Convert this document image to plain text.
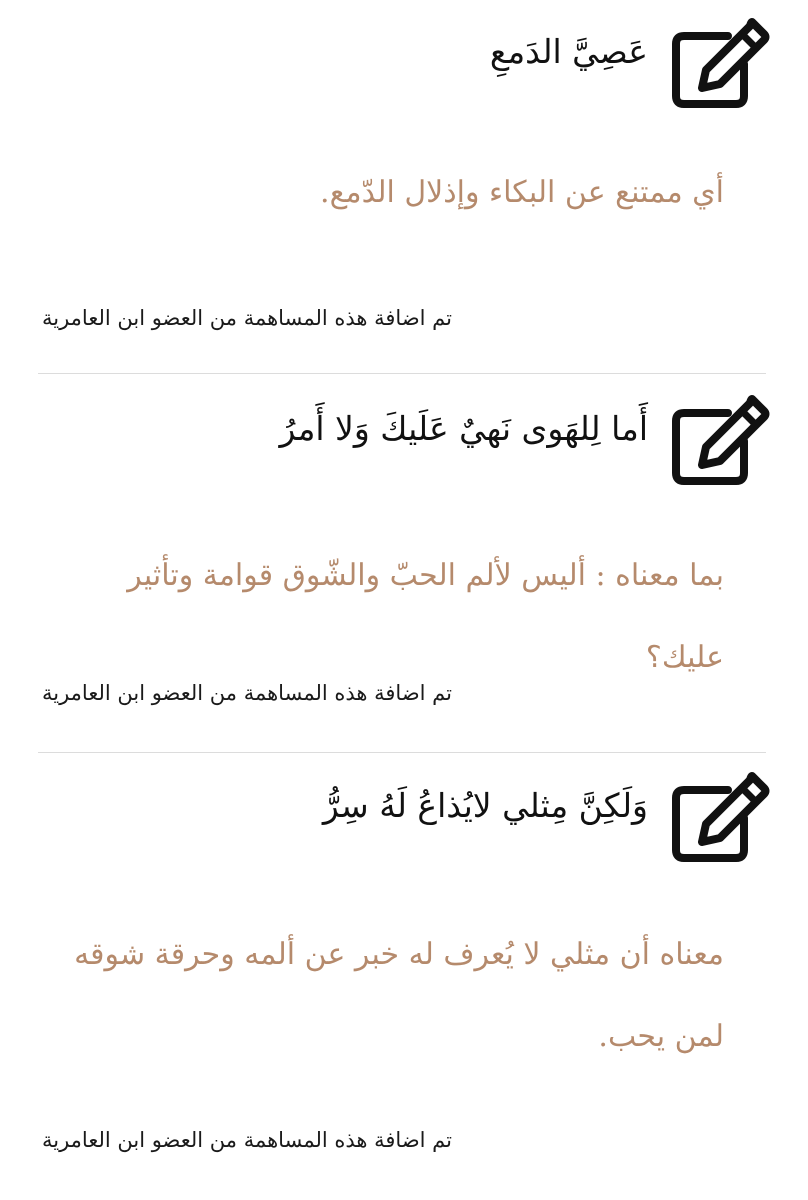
عَصِيَّ الدَمعِ
أي ممتنع عن البكاء وإذلال الدّمع.
تم اضافة هذه المساهمة من العضو ابن العامرية
أَما لِلهَوى نَهيٌ عَلَيكَ وَلا أَمرُ
بما معناه : أليس لألم الحبّ والشّوق قوامة وتأثير عليك؟
تم اضافة هذه المساهمة من العضو ابن العامرية
وَلَكِنَّ مِثلي لايُذاعُ لَهُ سِرُّ
معناه أن مثلي لا يُعرف له خبر عن ألمه وحرقة شوقه لمن يحب.
تم اضافة هذه المساهمة من العضو ابن العامرية
